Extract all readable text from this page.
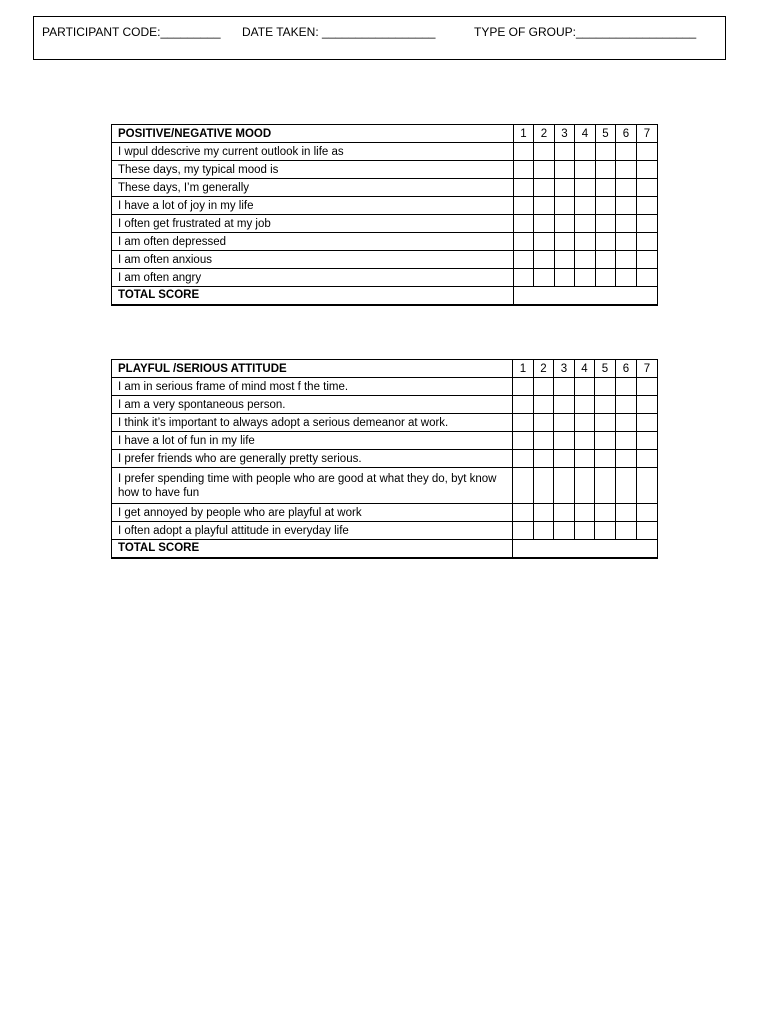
PARTICIPANT CODE:_________ DATE TAKEN: _________________	TYPE OF GROUP:__________________
POSITIVE/NEGATIVE MOOD	1	2	3	4	5	6	7
I wpul ddescrive my current outlook in life as							
These days, my typical mood is							
These days, I’m generally							
I have a lot of joy in my life							
I often get frustrated at my job							
I am often depressed							
I am often anxious							
I am often angry							
TOTAL SCORE							
PLAYFUL /SERIOUS ATTITUDE	1	2	3	4	5	6	7
I am in serious frame of mind most f the time.							
I am a very spontaneous person.							
I think it’s important to always adopt a serious demeanor at work.							
I have a lot of fun in my life							
I prefer friends who are generally pretty serious.							
I prefer spending time with people who are good at what they do, byt know how to have fun							
I get annoyed by people who are playful at work							
I often adopt a playful attitude in everyday life							
TOTAL SCORE							
